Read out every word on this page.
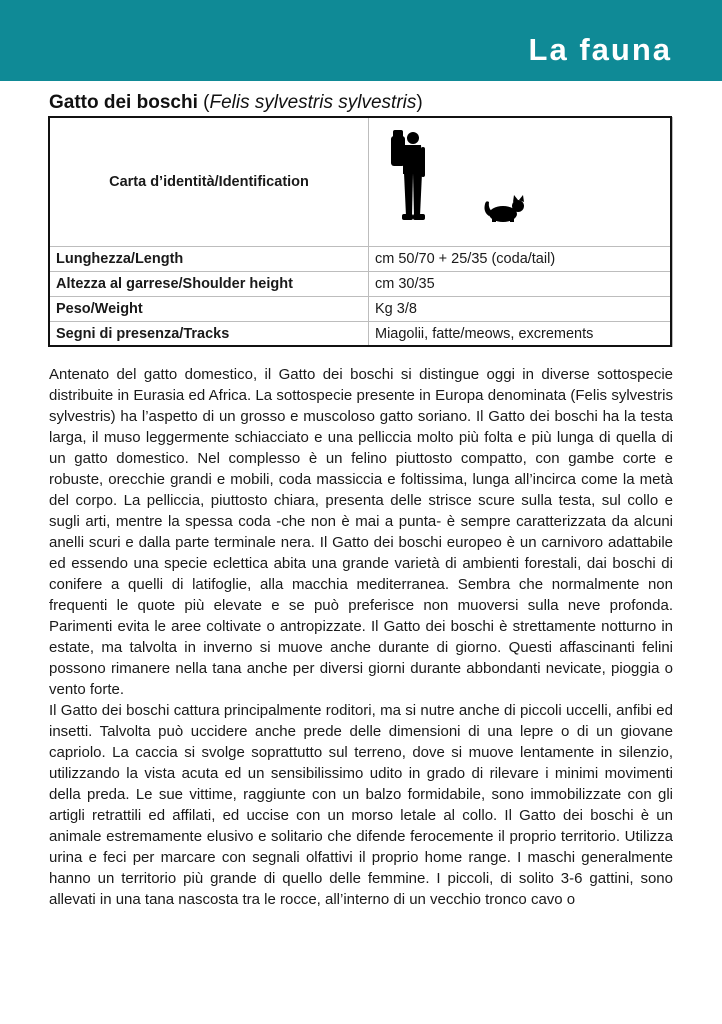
La fauna
Gatto dei boschi (Felis sylvestris sylvestris)
Carta d’identità/Identification	

Lunghezza/Length	cm 50/70 + 25/35 (coda/tail)
Altezza al garrese/Shoulder height	cm 30/35
Peso/Weight	Kg 3/8
Segni di presenza/Tracks	Miagolii, fatte/meows, excrements

Antenato del gatto domestico, il Gatto dei boschi si distingue oggi in diverse sottospecie distribuite in Eurasia ed Africa. La sottospecie presente in Europa denominata (Felis sylvestris sylvestris) ha l’aspetto di un grosso e muscoloso gatto soriano. Il Gatto dei boschi ha la testa larga, il muso leggermente schiacciato e una pelliccia molto più folta e più lunga di quella di un gatto domestico. Nel complesso è un felino piuttosto compatto, con gambe corte e robuste, orecchie grandi e mobili, coda massiccia e foltissima, lunga all’incirca come la metà del corpo. La pelliccia, piuttosto chiara, presenta delle strisce scure sulla testa, sul collo e sugli arti, mentre la spessa coda -che non è mai a punta- è sempre caratterizzata da alcuni anelli scuri e dalla parte terminale nera. Il Gatto dei boschi europeo è un carnivoro adattabile ed essendo una specie eclettica abita una grande varietà di ambienti forestali, dai boschi di conifere a quelli di latifoglie, alla macchia mediterranea. Sembra che normalmente non frequenti le quote più elevate e se può preferisce non muoversi sulla neve profonda. Parimenti evita le aree coltivate o antropizzate. Il Gatto dei boschi è strettamente notturno in estate, ma talvolta in inverno si muove anche durante di giorno. Questi affascinanti felini possono rimanere nella tana anche per diversi giorni durante abbondanti nevicate, pioggia o vento forte.

Il Gatto dei boschi cattura principalmente roditori, ma si nutre anche di piccoli uccelli, anfibi ed insetti. Talvolta può uccidere anche prede delle dimensioni di una lepre o di un giovane capriolo. La caccia si svolge soprattutto sul terreno, dove si muove lentamente in silenzio, utilizzando la vista acuta ed un sensibilissimo udito in grado di rilevare i minimi movimenti della preda. Le sue vittime, raggiunte con un balzo formidabile, sono immobilizzate con gli artigli retrattili ed affilati, ed uccise con un morso letale al collo. Il Gatto dei boschi è un animale estremamente elusivo e solitario che difende ferocemente il proprio territorio. Utilizza urina e feci per marcare con segnali olfattivi il proprio home range. I maschi generalmente hanno un territorio più grande di quello delle femmine. I piccoli, di solito 3-6 gattini, sono allevati in una tana nascosta tra le rocce, all’interno di un vecchio tronco cavo o
